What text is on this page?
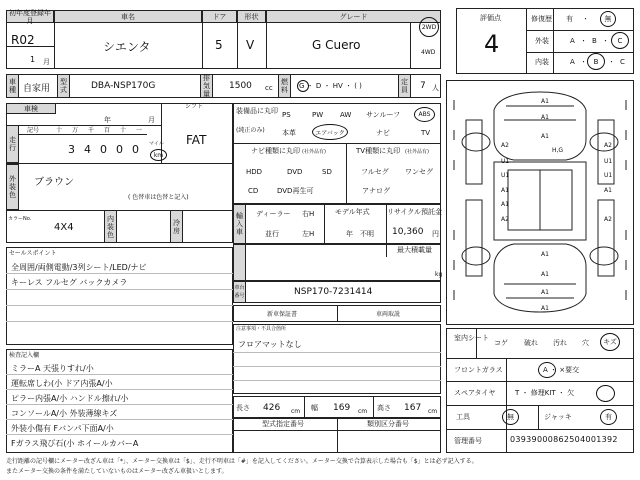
初年度登録年月	車名	ドア	形状	グレード
R02
1 月
シエンタ	5 V	G Cuero
2WD
4WD
評価点
4
修復歴 有 ・	無
外装	A ・ B ・	C
内装	A ・ B	・ C
車種 自家用
型式	DBA-NSP170G
排気量
1500 cc
燃料	G ・ D ・ HV ・ ( )	定員	7 人
車検
年	月
シフト
FAT
走行
記号	十 万 千 百 十 一
3 4 0 0 0 マイル
km
外装色
ブラウン
( 色替車は色替と記入)
カラーNo.
4X4
内装色
冷房
装備品に丸印
(純正のみ)
PS	PW AW サンルーフ	ABS
本革	エアバック	ナビ	TV
ナビ種類に丸印 (社外品有)
HDD	DVD	SD
CD	DVD再生可
TV種類に丸印 (社外品有)
フルセグ ワンセグ
アナログ
輸入車
ディーラー
並行
右H
左H
モデル年式
年　不明
リサイクル預託金
10,360 円
セールスポイント
全周囲/両側電動/3列シート/LED/ナビ
キーレス フルセグ バックカメラ
最大積載量
kg
車台番号	NSP170-7231414
新車保証書	車両取説
注意事項・不具合箇所
フロアマットなし
検査記入欄
ミラーA 天張りすれ/小
運転席しわ(小 ドア内張A/小
ピラー内張A/小 ハンドル擦れ/小
コンソールA/小 外装薄線キズ
外装小傷有 Fバンパ下面A/小
Fガラス飛び石(小 ホイールカバーA
長さ 426 cm 幅 169 cm 高さ 167 cm
型式指定番号	類別区分番号
A1
A1
A1
A2	A2
U1	U1
U1	U1
A1	A1
A1
A2	A2
A1
A1
A1
A1
H,G
室内シート
コゲ 破れ 汚れ 穴	キズ
フロントガラス	A ・ ×要交
スペアタイヤ	T ・ 修理KIT ・ 欠
工具	無	ジャッキ	有
管理番号	03939000862504001392
走行距離の記号欄にメーター改ざん車は「*」、メーター交換車は「$」、走行不明車は「#」を記入してください。メーター交換で合算表示した場合も「$」とは必ず記入する。
またメーター交換の条件を満たしていないものはメーター改ざん車扱いとします。
